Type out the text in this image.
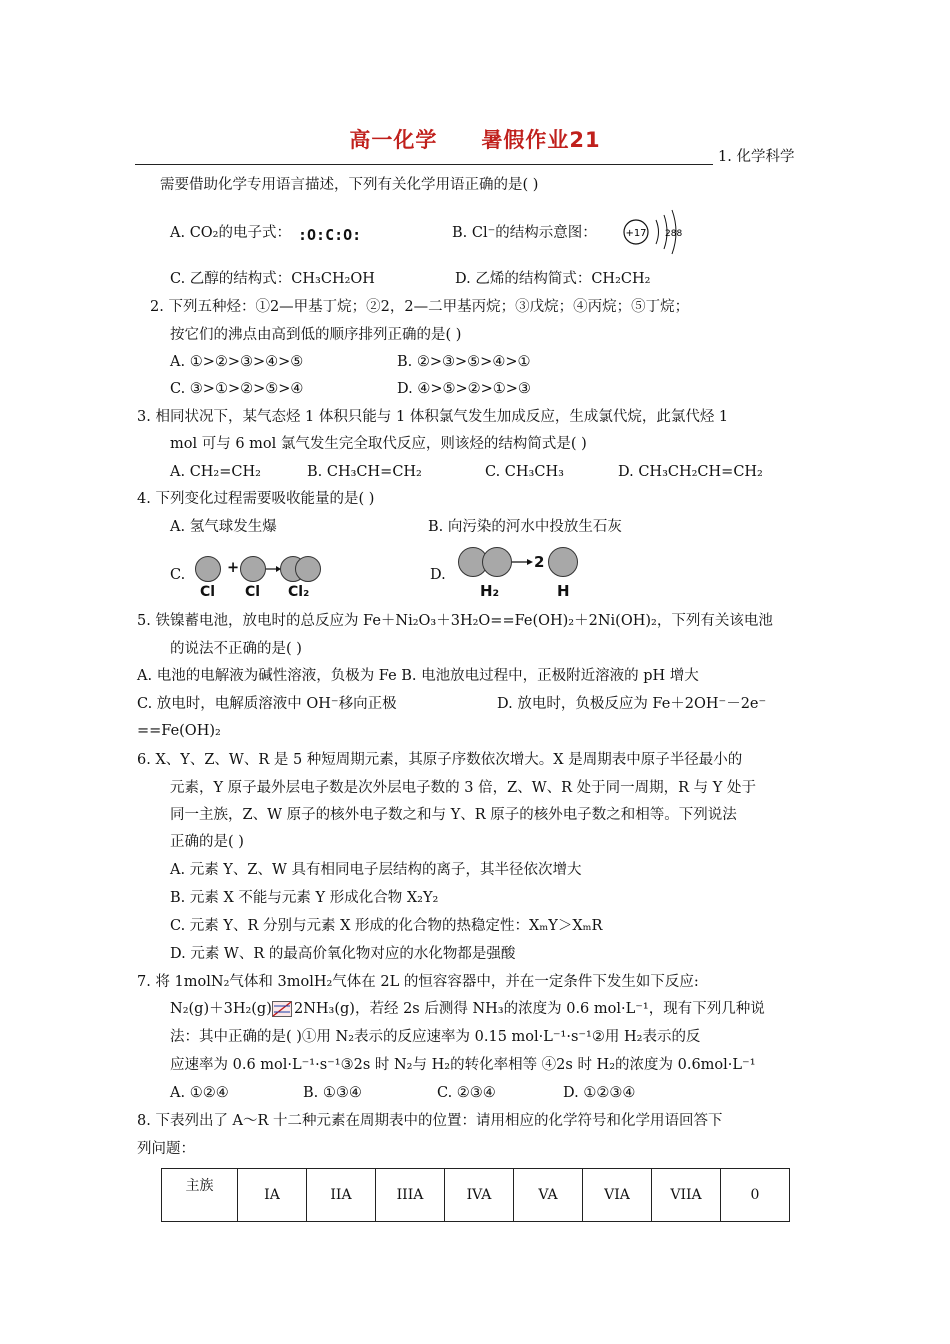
高一化学 暑假作业21
1. 化学科学
需要借助化学专用语言描述，下列有关化学用语正确的是( )
A. CO₂的电子式： :O:C:O:	B. Cl⁻的结构示意图：	+17 288
C. 乙醇的结构式：CH₃CH₂OH	D. 乙烯的结构简式：CH₂CH₂
2. 下列五种烃：①2—甲基丁烷；②2，2—二甲基丙烷；③戊烷；④丙烷；⑤丁烷；
按它们的沸点由高到低的顺序排列正确的是( )
A. ①>②>③>④>⑤	B. ②>③>⑤>④>①
C. ③>①>②>⑤>④	D. ④>⑤>②>①>③
3. 相同状况下，某气态烃 1 体积只能与 1 体积氯气发生加成反应，生成氯代烷，此氯代烃 1
mol 可与 6 mol 氯气发生完全取代反应，则该烃的结构简式是( )
A. CH₂=CH₂	B. CH₃CH=CH₂	C. CH₃CH₃	D. CH₃CH₂CH=CH₂
4. 下列变化过程需要吸收能量的是( )
A. 氢气球发生爆	B. 向污染的河水中投放生石灰
C.	+
Cl Cl Cl₂
D.
2
H₂	H
5. 铁镍蓄电池，放电时的总反应为 Fe＋Ni₂O₃＋3H₂O==Fe(OH)₂＋2Ni(OH)₂，下列有关该电池
的说法不正确的是( )
A. 电池的电解液为碱性溶液，负极为 Fe B. 电池放电过程中，正极附近溶液的 pH 增大
C. 放电时，电解质溶液中 OH⁻移向正极	D. 放电时，负极反应为 Fe＋2OH⁻－2e⁻
==Fe(OH)₂
6. X、Y、Z、W、R 是 5 种短周期元素，其原子序数依次增大。X 是周期表中原子半径最小的
元素，Y 原子最外层电子数是次外层电子数的 3 倍，Z、W、R 处于同一周期，R 与 Y 处于
同一主族，Z、W 原子的核外电子数之和与 Y、R 原子的核外电子数之和相等。下列说法
正确的是( )
A. 元素 Y、Z、W 具有相同电子层结构的离子，其半径依次增大
B. 元素 X 不能与元素 Y 形成化合物 X₂Y₂
C. 元素 Y、R 分别与元素 X 形成的化合物的热稳定性：XₘY＞XₘR
D. 元素 W、R 的最高价氧化物对应的水化物都是强酸
7. 将 1molN₂气体和 3molH₂气体在 2L 的恒容容器中，并在一定条件下发生如下反应:
N₂(g)＋3H₂(g) 2NH₃(g)，若经 2s 后测得 NH₃的浓度为 0.6 mol·L⁻¹，现有下列几种说
法：其中正确的是( )①用 N₂表示的反应速率为 0.15 mol·L⁻¹·s⁻¹②用 H₂表示的反
应速率为 0.6 mol·L⁻¹·s⁻¹③2s 时 N₂与 H₂的转化率相等 ④2s 时 H₂的浓度为 0.6mol·L⁻¹
A. ①②④	B. ①③④	C. ②③④	D. ①②③④
8. 下表列出了 A～R 十二种元素在周期表中的位置：请用相应的化学符号和化学用语回答下
列问题：
主族	IA	IIA	IIIA	IVA	VA	VIA	VIIA	0
